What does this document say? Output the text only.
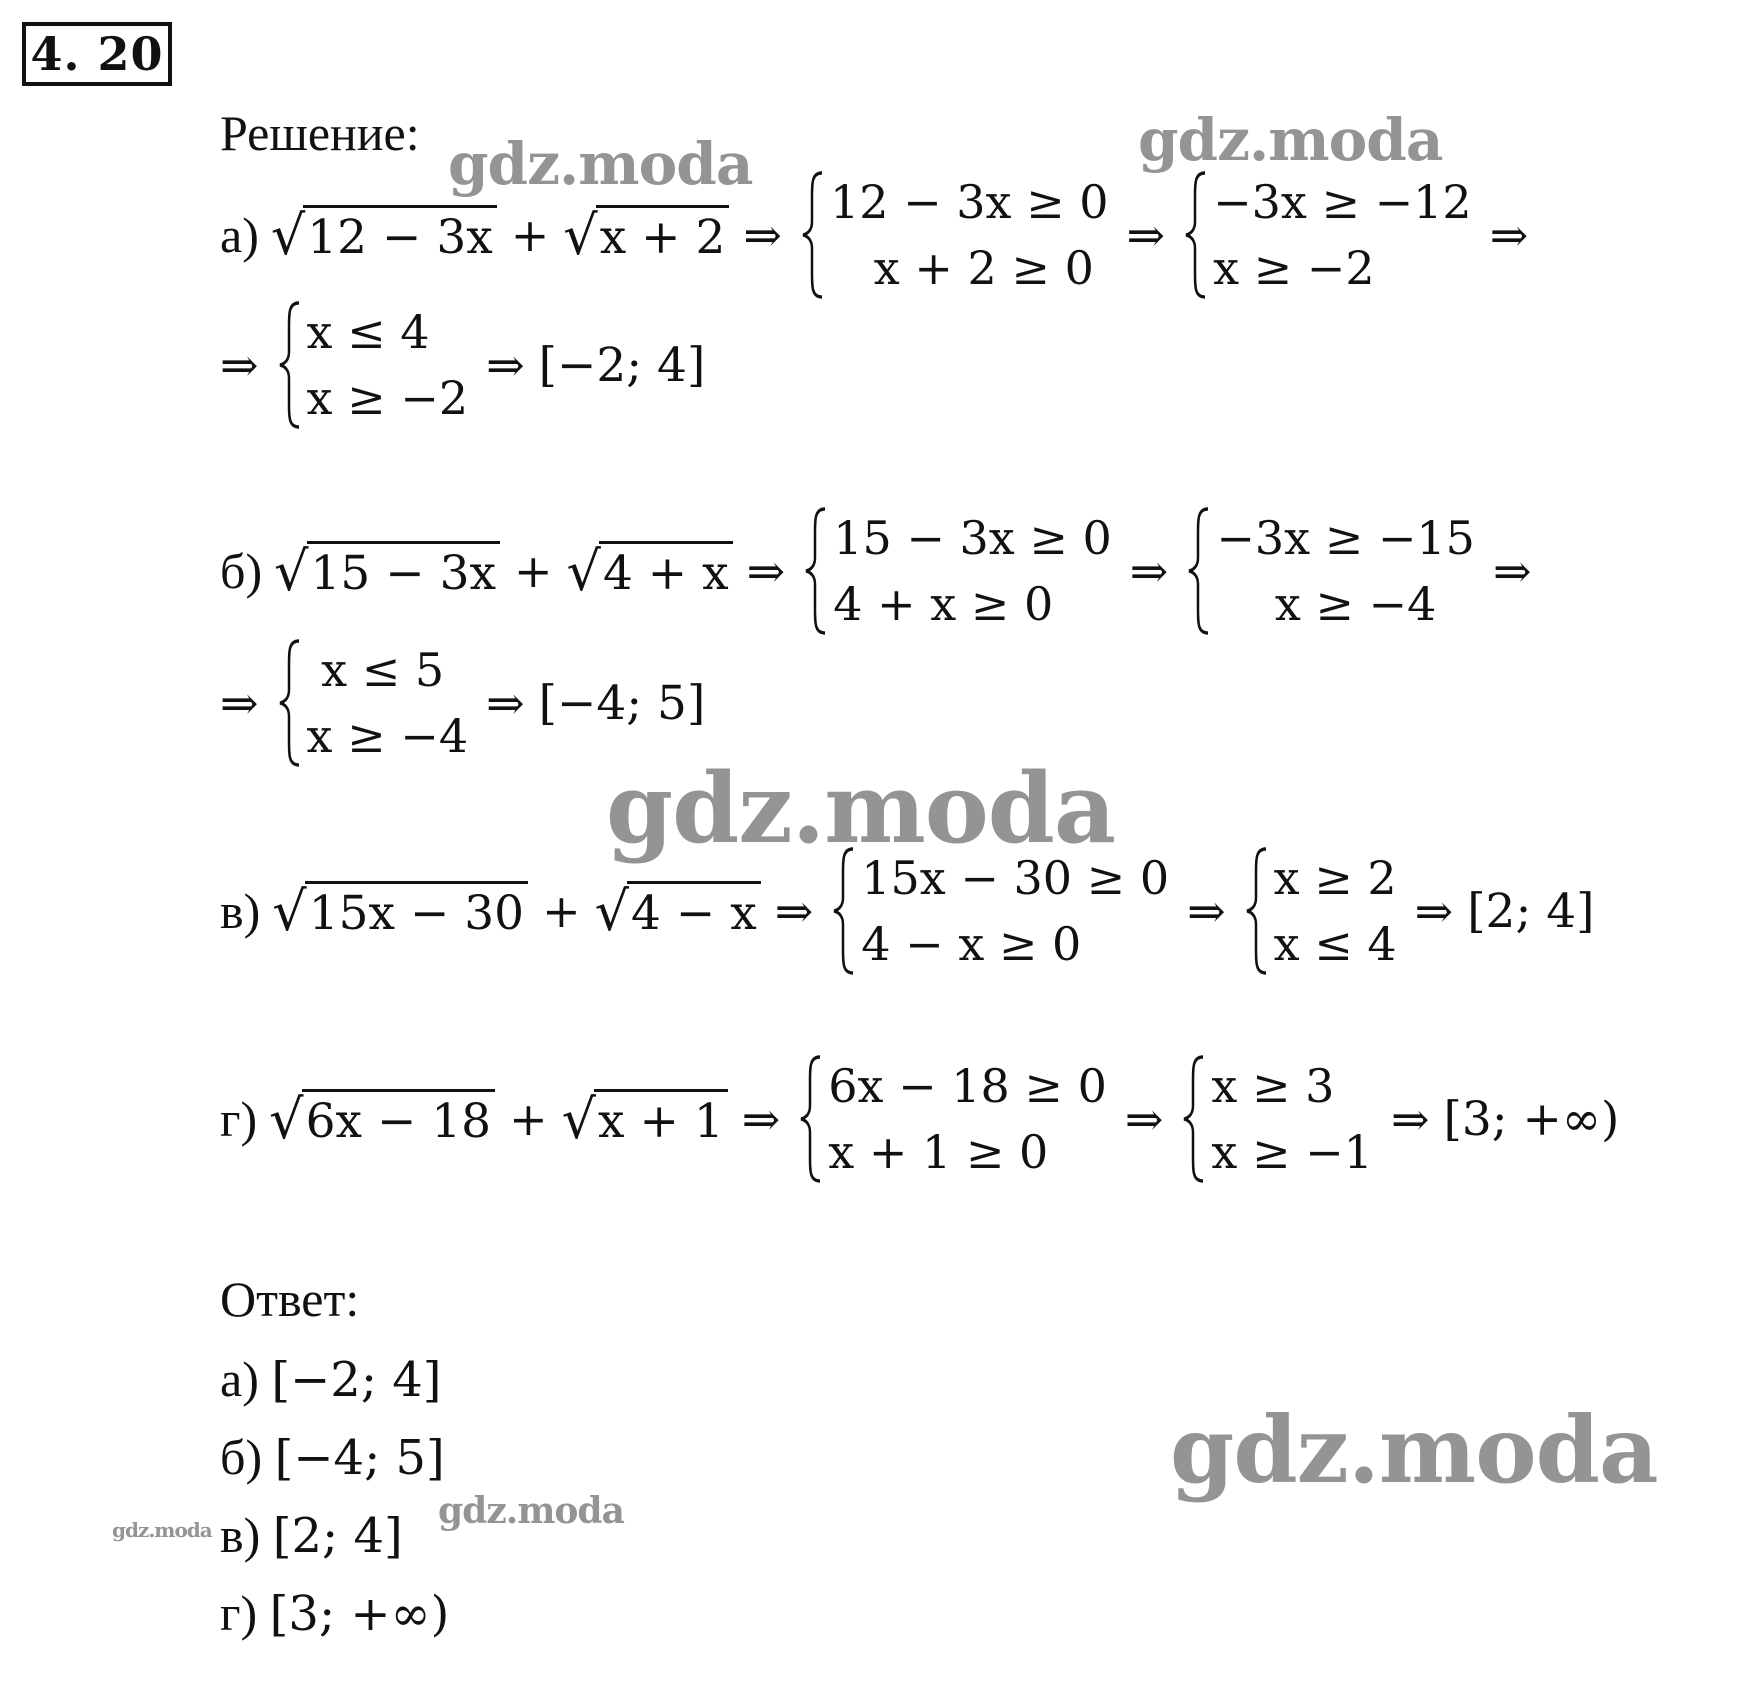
4. 20
Решение:
а) √ 12 − 3x + √ x + 2 ⇒
12 − 3x ≥ 0
x + 2 ≥ 0
⇒
−3x ≥ −12
x ≥ −2
⇒
⇒
x ≤ 4
x ≥ −2
⇒ [−2; 4]
б) √ 15 − 3x + √ 4 + x ⇒
15 − 3x ≥ 0
4 + x ≥ 0
⇒
−3x ≥ −15
x ≥ −4
⇒
⇒
x ≤ 5
x ≥ −4
⇒ [−4; 5]
в) √ 15x − 30 + √ 4 − x ⇒
15x − 30 ≥ 0
4 − x ≥ 0
⇒
x ≥ 2
x ≤ 4
⇒ [2; 4]
г) √ 6x − 18 + √ x + 1 ⇒
6x − 18 ≥ 0
x + 1 ≥ 0
⇒
x ≥ 3
x ≥ −1
⇒ [3; +∞)
Ответ:
а) [−2; 4]
б) [−4; 5]
в) [2; 4]
г) [3; +∞)
gdz.moda	gdz.moda
gdz.moda
gdz.moda
gdz.moda
gdz.moda
